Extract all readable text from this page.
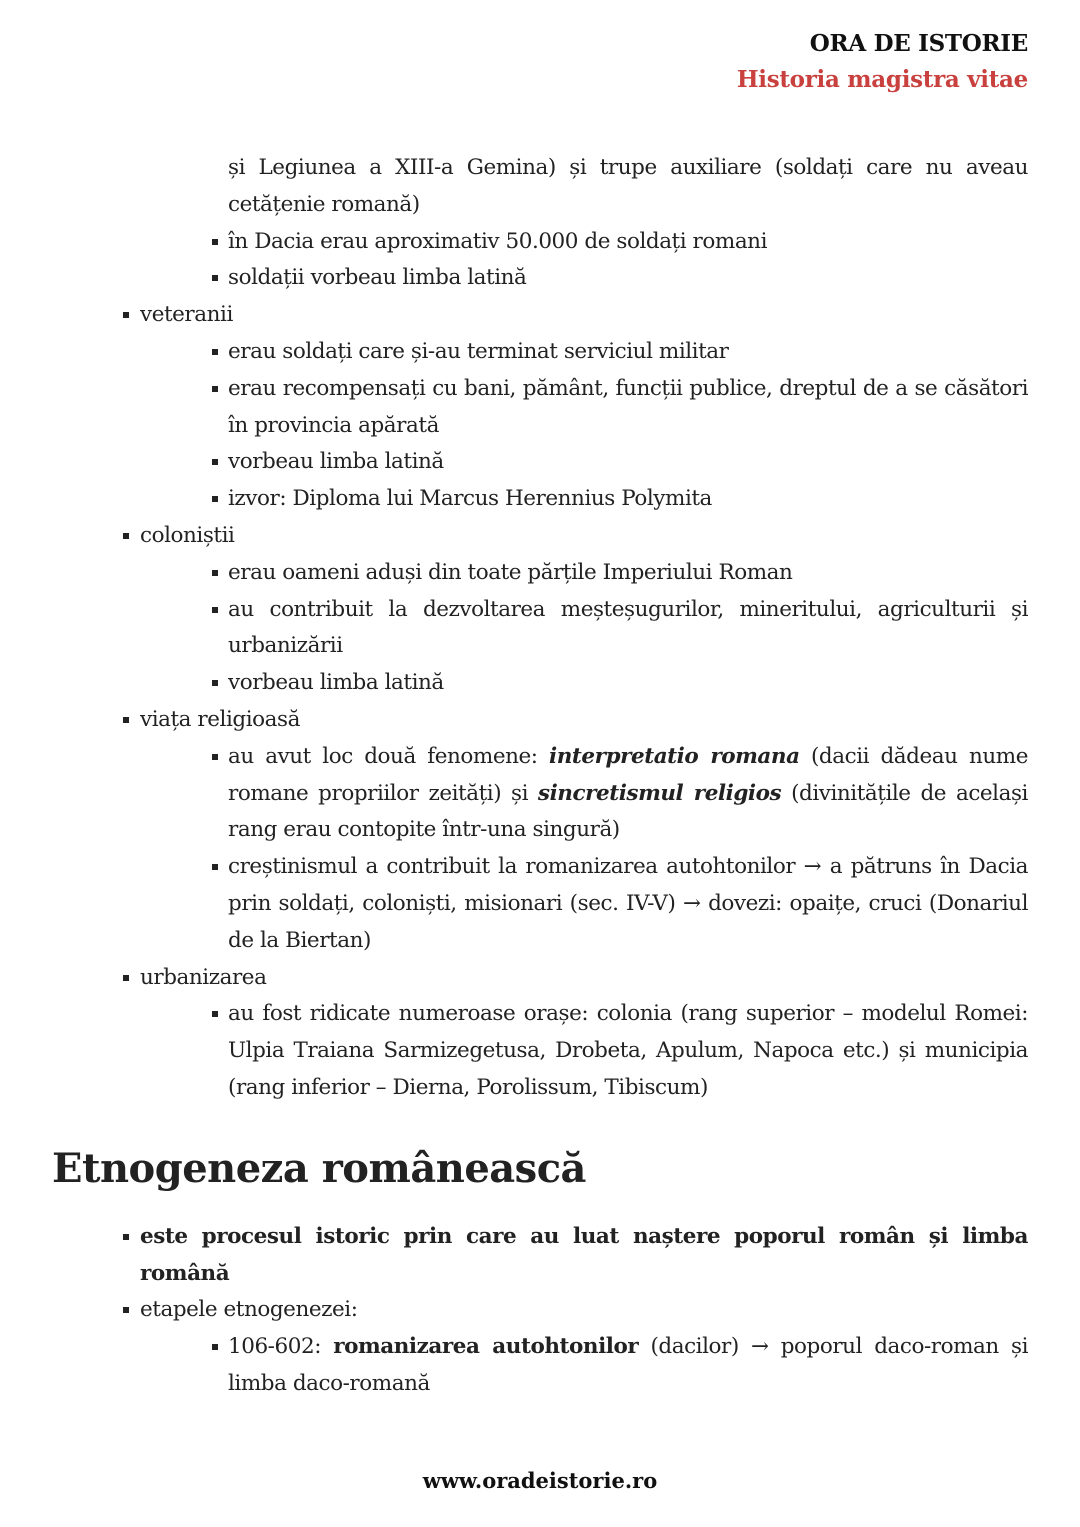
ORA DE ISTORIE
Historia magistra vitae
și Legiunea a XIII-a Gemina) și trupe auxiliare (soldați care nu aveau cetățenie romană)
în Dacia erau aproximativ 50.000 de soldați romani
soldații vorbeau limba latină
veteranii
erau soldați care și-au terminat serviciul militar
erau recompensați cu bani, pământ, funcții publice, dreptul de a se căsători în provincia apărată
vorbeau limba latină
izvor: Diploma lui Marcus Herennius Polymita
coloniștii
erau oameni aduși din toate părțile Imperiului Roman
au contribuit la dezvoltarea meșteșugurilor, mineritului, agriculturii și urbanizării
vorbeau limba latină
viața religioasă
au avut loc două fenomene: interpretatio romana (dacii dădeau nume romane propriilor zeități) și sincretismul religios (divinitățile de același rang erau contopite într-una singură)
creștinismul a contribuit la romanizarea autohtonilor → a pătruns în Dacia prin soldați, coloniști, misionari (sec. IV-V) → dovezi: opaițe, cruci (Donariul de la Biertan)
urbanizarea
au fost ridicate numeroase orașe: colonia (rang superior – modelul Romei: Ulpia Traiana Sarmizegetusa, Drobeta, Apulum, Napoca etc.) și municipia (rang inferior – Dierna, Porolissum, Tibiscum)
Etnogeneza românească
este procesul istoric prin care au luat naștere poporul român și limba română
etapele etnogenezei:
106-602: romanizarea autohtonilor (dacilor) → poporul daco-roman și limba daco-romană
www.oradeistorie.ro
